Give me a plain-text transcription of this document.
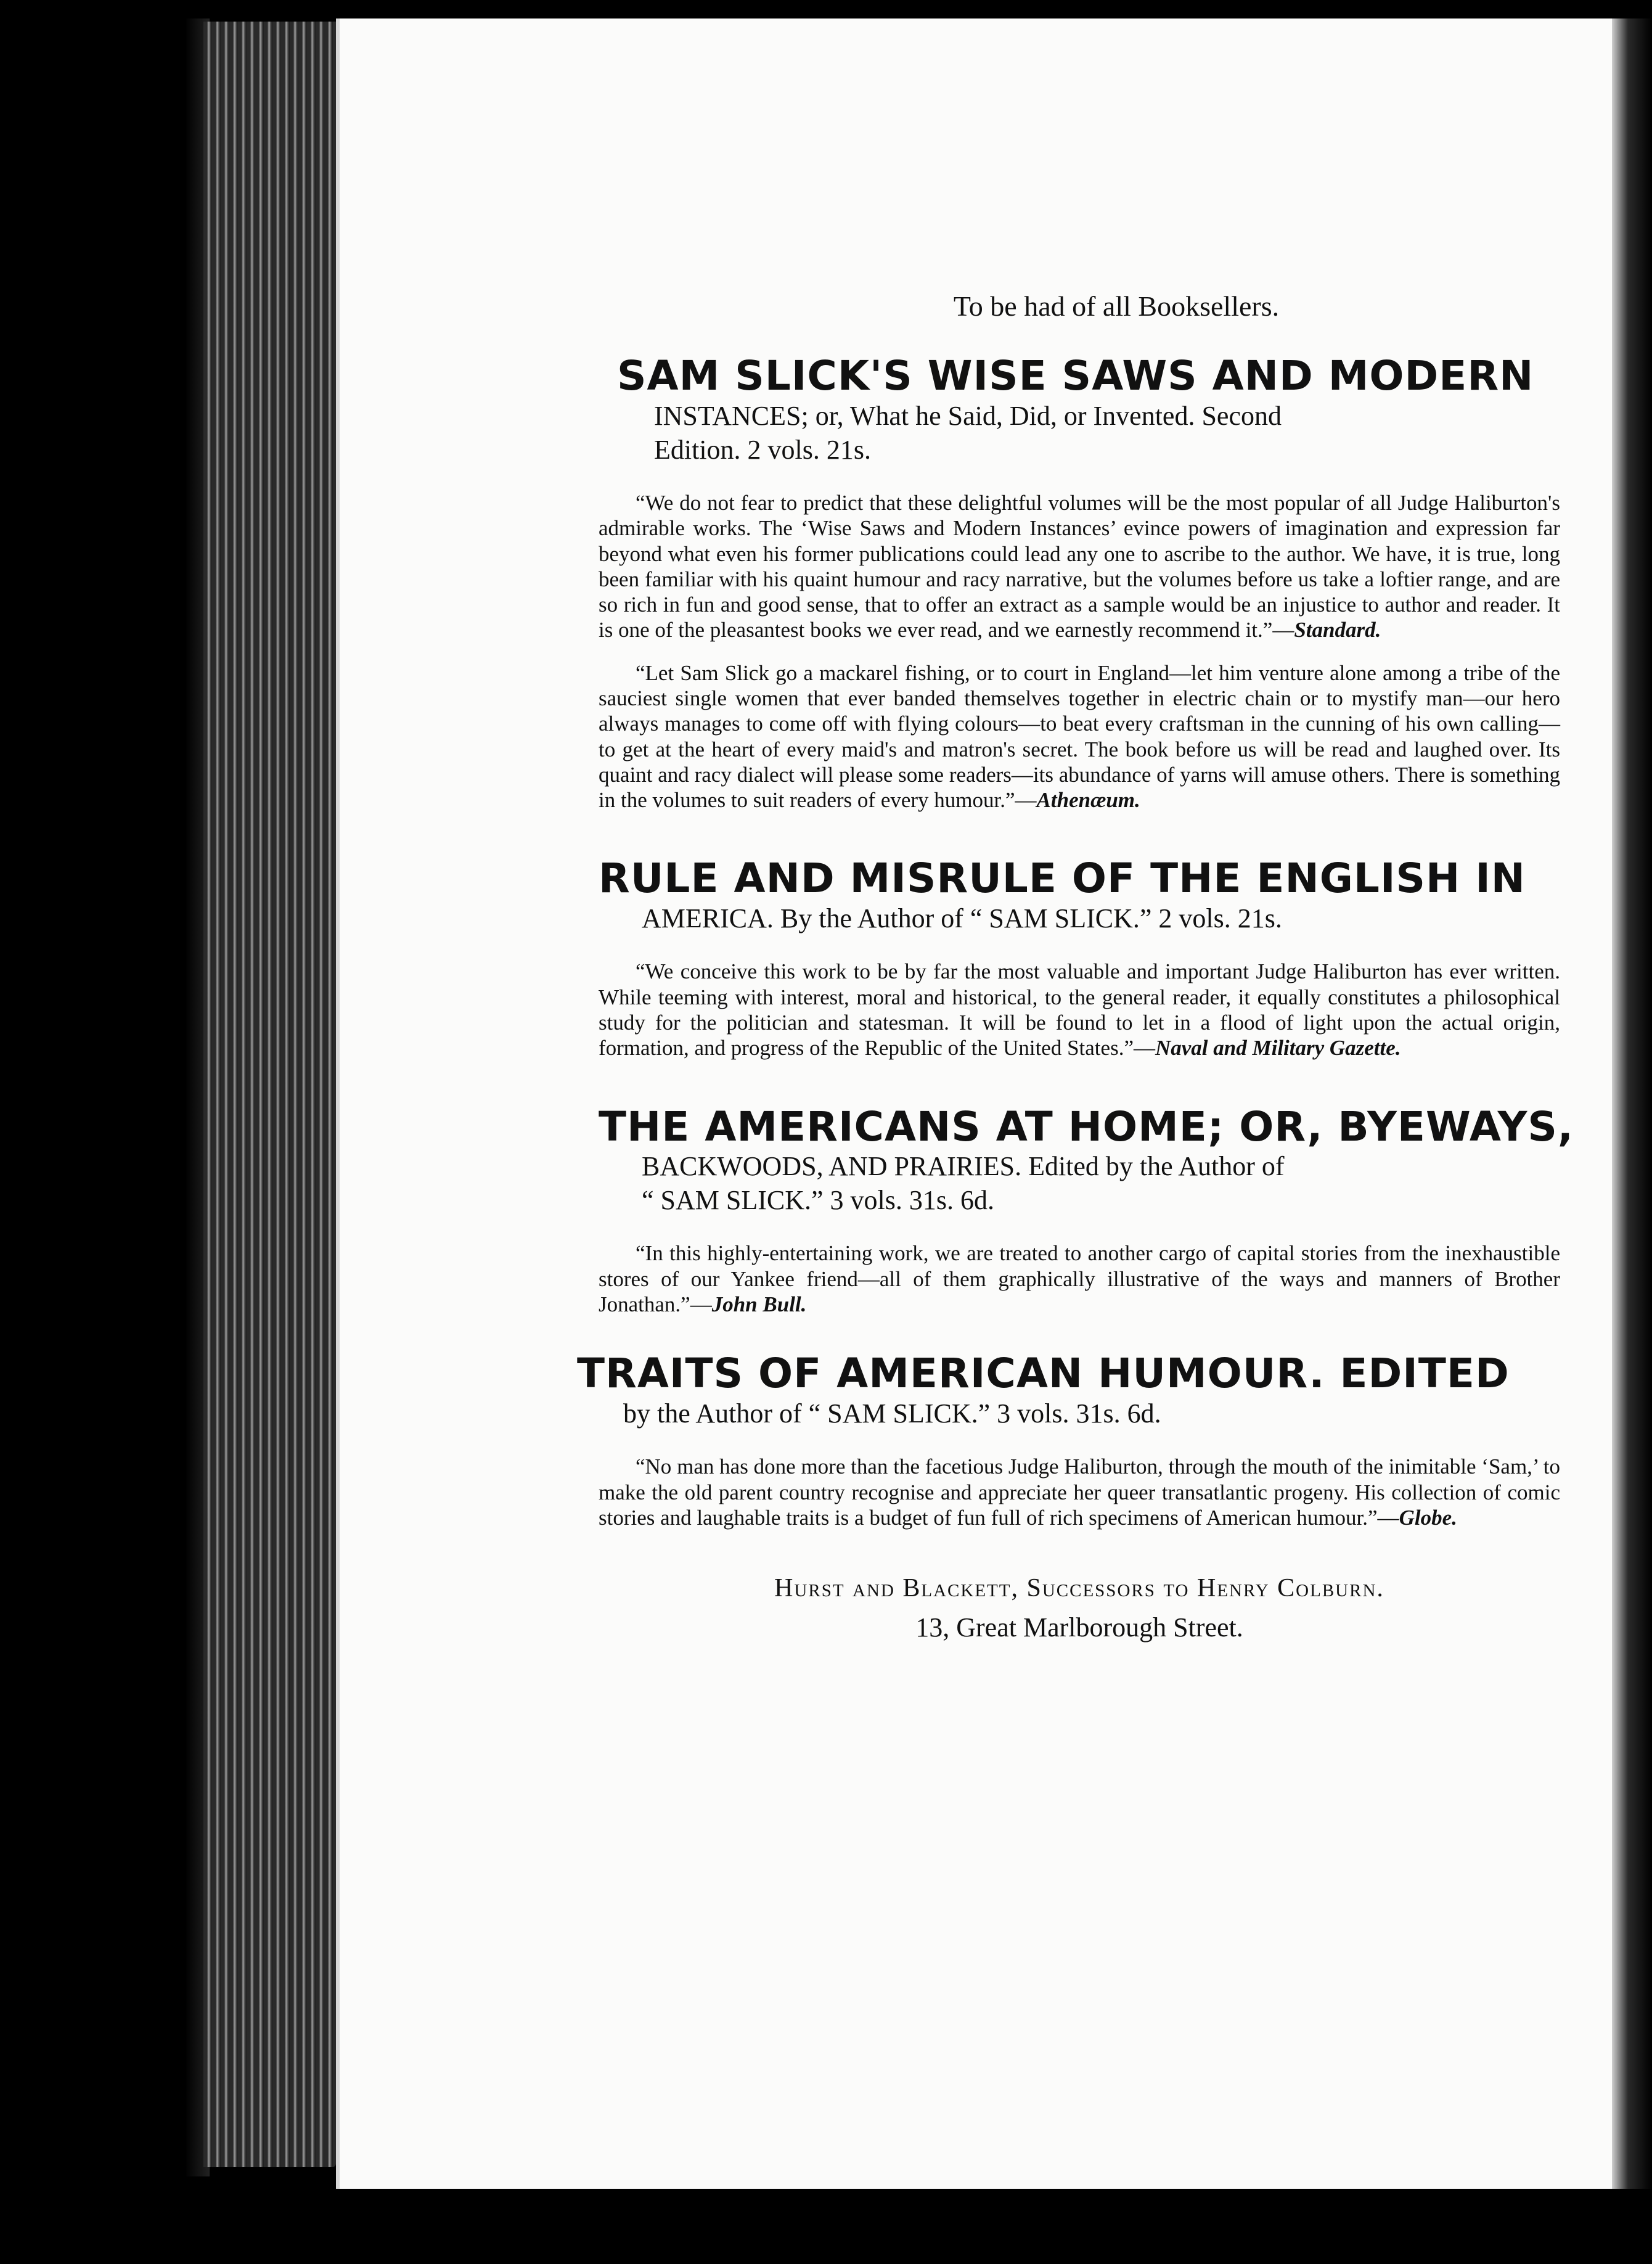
To be had of all Booksellers.

SAM SLICK'S WISE SAWS AND MODERN

INSTANCES; or, What he Said, Did, or Invented. Second

Edition. 2 vols. 21s.

“We do not fear to predict that these delightful volumes will be the most popular of all Judge Haliburton's admirable works. The ‘Wise Saws and Modern Instances’ evince powers of imagination and expression far beyond what even his former publications could lead any one to ascribe to the author. We have, it is true, long been familiar with his quaint humour and racy narrative, but the volumes before us take a loftier range, and are so rich in fun and good sense, that to offer an extract as a sample would be an injustice to author and reader. It is one of the pleasantest books we ever read, and we earnestly recommend it.”—Standard.

“Let Sam Slick go a mackarel fishing, or to court in England—let him venture alone among a tribe of the sauciest single women that ever banded themselves together in electric chain or to mystify man—our hero always manages to come off with flying colours—to beat every craftsman in the cunning of his own calling—to get at the heart of every maid's and matron's secret. The book before us will be read and laughed over. Its quaint and racy dialect will please some readers—its abundance of yarns will amuse others. There is something in the volumes to suit readers of every humour.”—Athenæum.

RULE AND MISRULE OF THE ENGLISH IN

AMERICA. By the Author of “ SAM SLICK.” 2 vols. 21s.

“We conceive this work to be by far the most valuable and important Judge Haliburton has ever written. While teeming with interest, moral and historical, to the general reader, it equally constitutes a philosophical study for the politician and statesman. It will be found to let in a flood of light upon the actual origin, formation, and progress of the Republic of the United States.”—Naval and Military Gazette.

THE AMERICANS AT HOME; OR, BYEWAYS,

BACKWOODS, AND PRAIRIES. Edited by the Author of

“ SAM SLICK.” 3 vols. 31s. 6d.

“In this highly-entertaining work, we are treated to another cargo of capital stories from the inexhaustible stores of our Yankee friend—all of them graphically illustrative of the ways and manners of Brother Jonathan.”—John Bull.

TRAITS OF AMERICAN HUMOUR. EDITED

by the Author of “ SAM SLICK.” 3 vols. 31s. 6d.

“No man has done more than the facetious Judge Haliburton, through the mouth of the inimitable ‘Sam,’ to make the old parent country recognise and appreciate her queer transatlantic progeny. His collection of comic stories and laughable traits is a budget of fun full of rich specimens of American humour.”—Globe.

Hurst and Blackett, Successors to Henry Colburn.

13, Great Marlborough Street.
